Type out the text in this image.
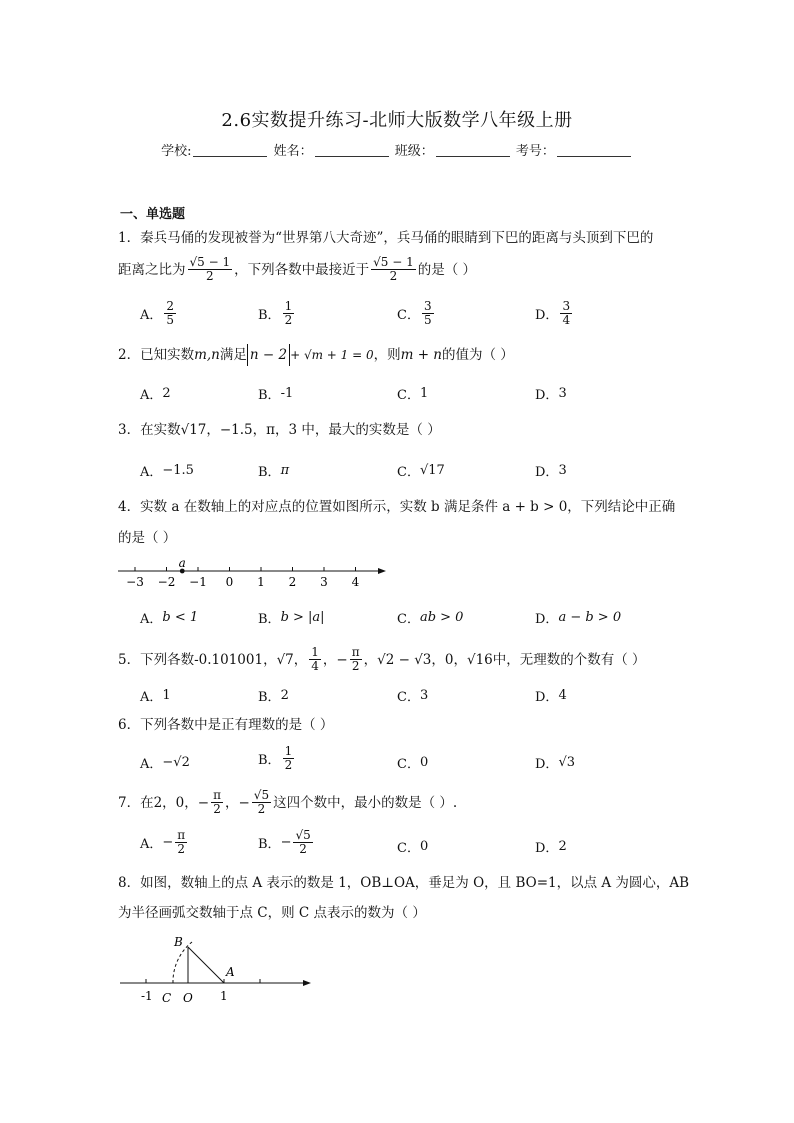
2.6实数提升练习-北师大版数学八年级上册
学校:	姓名：	班级：	考号：
一、单选题
1．秦兵马俑的发现被誉为“世界第八大奇迹”，兵马俑的眼睛到下巴的距离与头顶到下巴的
距离之比为 $\frac{√5 - 1}{2}$ ，下列各数中最接近于 $\frac{√5 - 1}{2}$ 的是（ ）
A． $\frac{2}{5}$	B． $\frac{1}{2}$	C． $\frac{3}{5}$	D． $\frac{3}{4}$
2．已知实数 m,n 满足 n − 2 + √m + 1 = 0 ，则 m + n 的值为（ ）
A． 2	B． -1	C． 1	D． 3
3．在实数√17，−1.5，π，3 中，最大的实数是（ ）
A． −1.5	B． π	C． √17	D． 3
4．实数 a 在数轴上的对应点的位置如图所示，实数 b 满足条件 a + b > 0，下列结论中正确
的是（ ）
−3 −2 −1 0 1 2 3 4
a
A． b < 1	B． b > |a|	C． ab > 0	D． a − b > 0
5．下列各数-0.101001，√7， $\frac{1}{4}$ ，− $\frac{\pi}{2}$ ，√2 − √3，0，√16中，无理数的个数有（ ）
A． 1	B． 2	C． 3	D． 4
6．下列各数中是正有理数的是（ ）
A． −√2	B． $\frac{1}{2}$	C． 0	D． √3
7．在2，0，− $\frac{\pi}{2}$ ，− $\frac{√5}{2}$ 这四个数中，最小的数是（ ）.
A． − $\frac{\pi}{2}$	B． − $\frac{√5}{2}$	C． 0	D． 2
8．如图，数轴上的点 A 表示的数是 1，OB⊥OA，垂足为 O，且 BO=1，以点 A 为圆心，AB
为半径画弧交数轴于点 C，则 C 点表示的数为（ ）
B
A
-1 C O 1
